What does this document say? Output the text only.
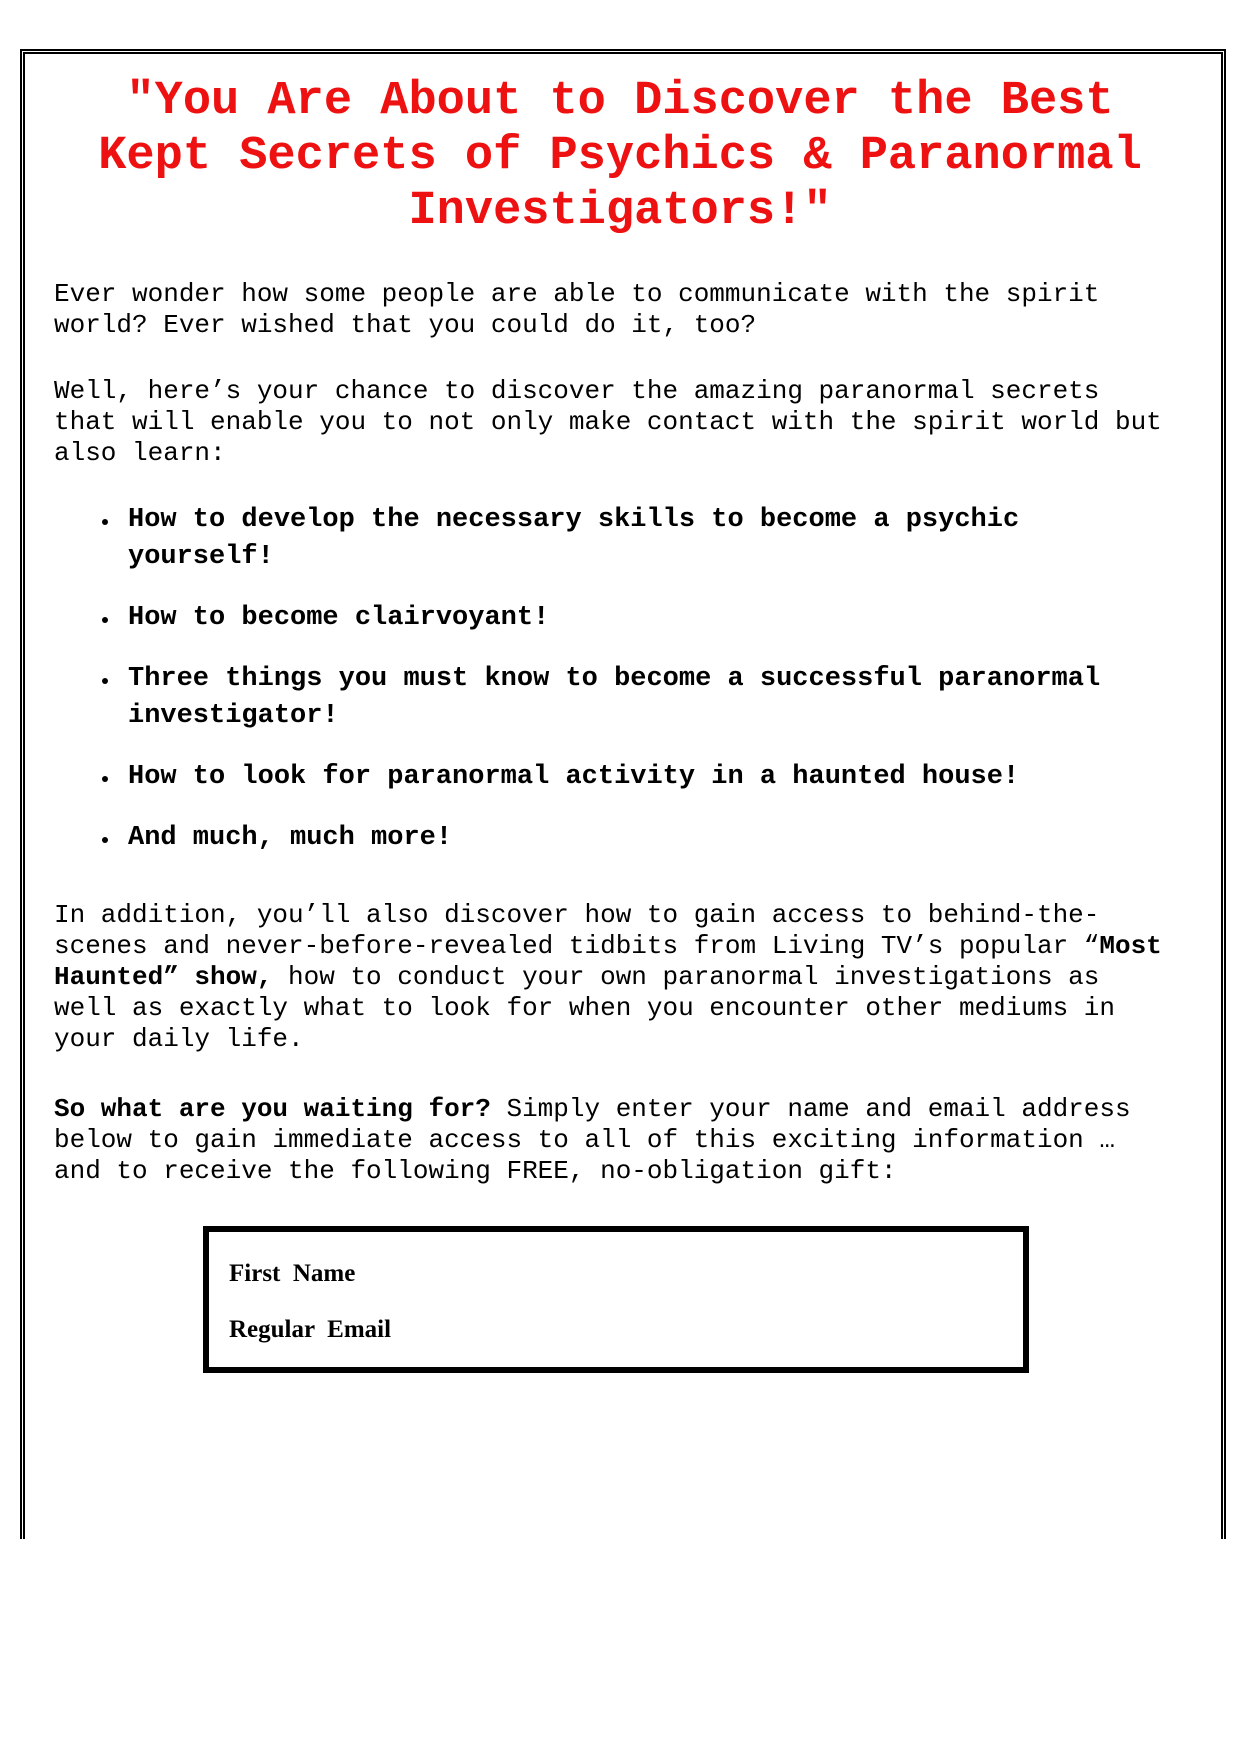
"You Are About to Discover the Best Kept Secrets of Psychics & Paranormal Investigators!"

Ever wonder how some people are able to communicate with the spirit
world? Ever wished that you could do it, too?

Well, here’s your chance to discover the amazing paranormal secrets
that will enable you to not only make contact with the spirit world but
also learn:

How to develop the necessary skills to become a psychic
yourself!
How to become clairvoyant!
Three things you must know to become a successful paranormal
investigator!
How to look for paranormal activity in a haunted house!
And much, much more!

In addition, you’ll also discover how to gain access to behind-the-
scenes and never-before-revealed tidbits from Living TV’s popular “Most
Haunted” show, how to conduct your own paranormal investigations as
well as exactly what to look for when you encounter other mediums in
your daily life.

So what are you waiting for? Simply enter your name and email address
below to gain immediate access to all of this exciting information …
and to receive the following FREE, no-obligation gift:

First  Name
Regular  Email
